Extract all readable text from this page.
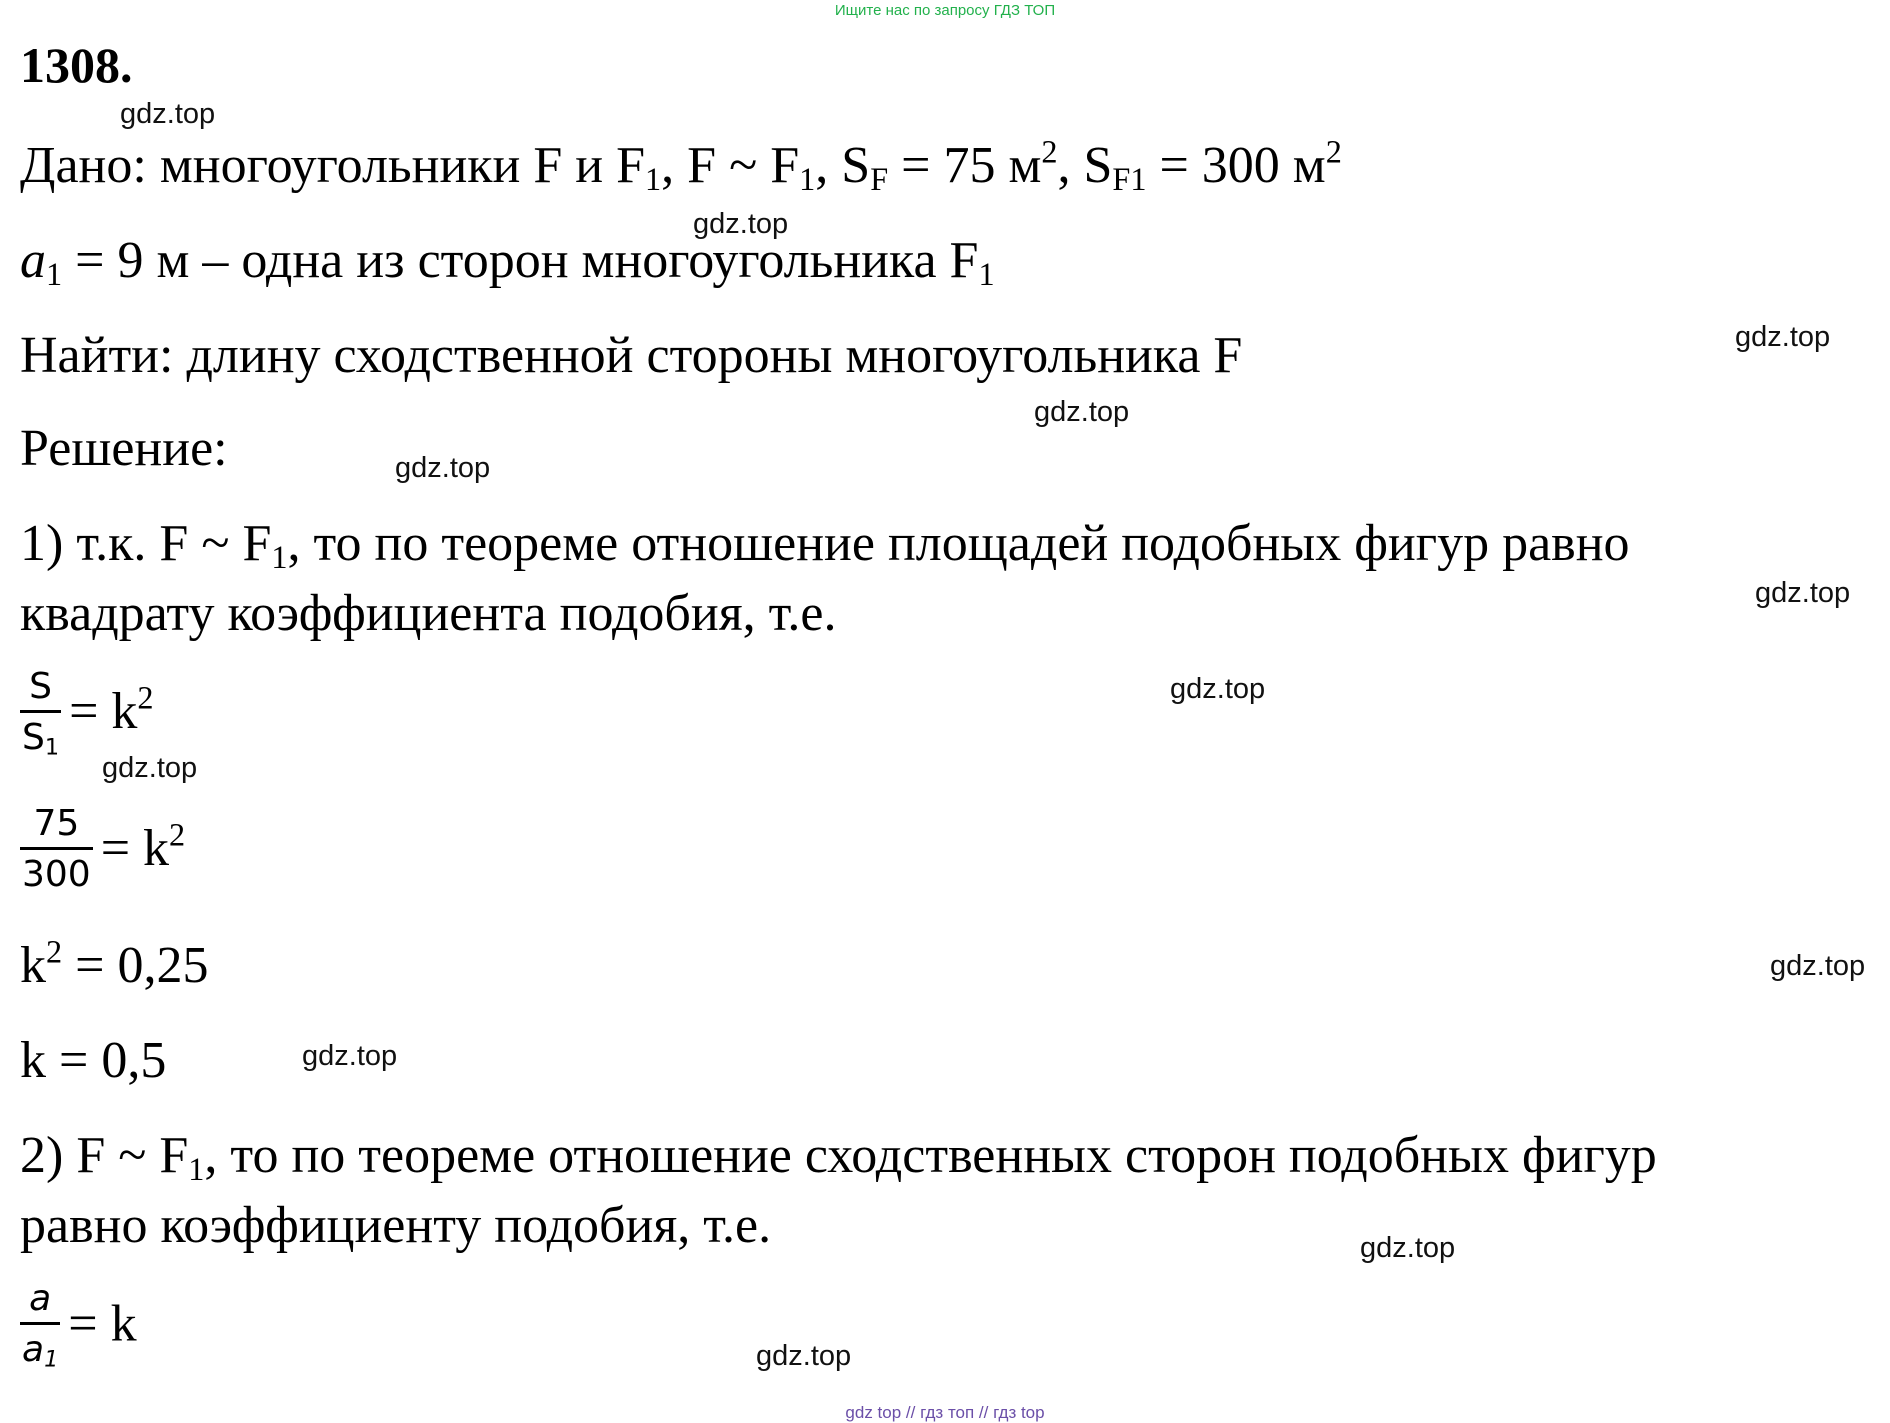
Ищите нас по запросу ГДЗ ТОП
1308.
Дано: многоугольники F и $F_1$, F ~ $F_1$, $S_F = 75$ $м^2$, $S_{F1} = 300$ $м^2$
$a_1 = 9$ м – одна из сторон многоугольника $F_1$
Найти: длину сходственной стороны многоугольника F
Решение:
1) т.к. F ~ $F_1$, то по теореме отношение площадей подобных фигур равно
квадрату коэффициента подобия, т.е.
$\frac{S}{S_1} = k^2$
$\frac{75}{300} = k^2$
$k^2 = 0,25$
k = 0,5
2) F ~ $F_1$, то по теореме отношение сходственных сторон подобных фигур
равно коэффициенту подобия, т.е.
$\frac{a}{a_1} = k$
gdz.top
gdz.top
gdz.top
gdz.top
gdz.top
gdz.top
gdz.top
gdz.top
gdz.top
gdz.top
gdz.top
gdz.top
gdz top // гдз топ // гдз top
